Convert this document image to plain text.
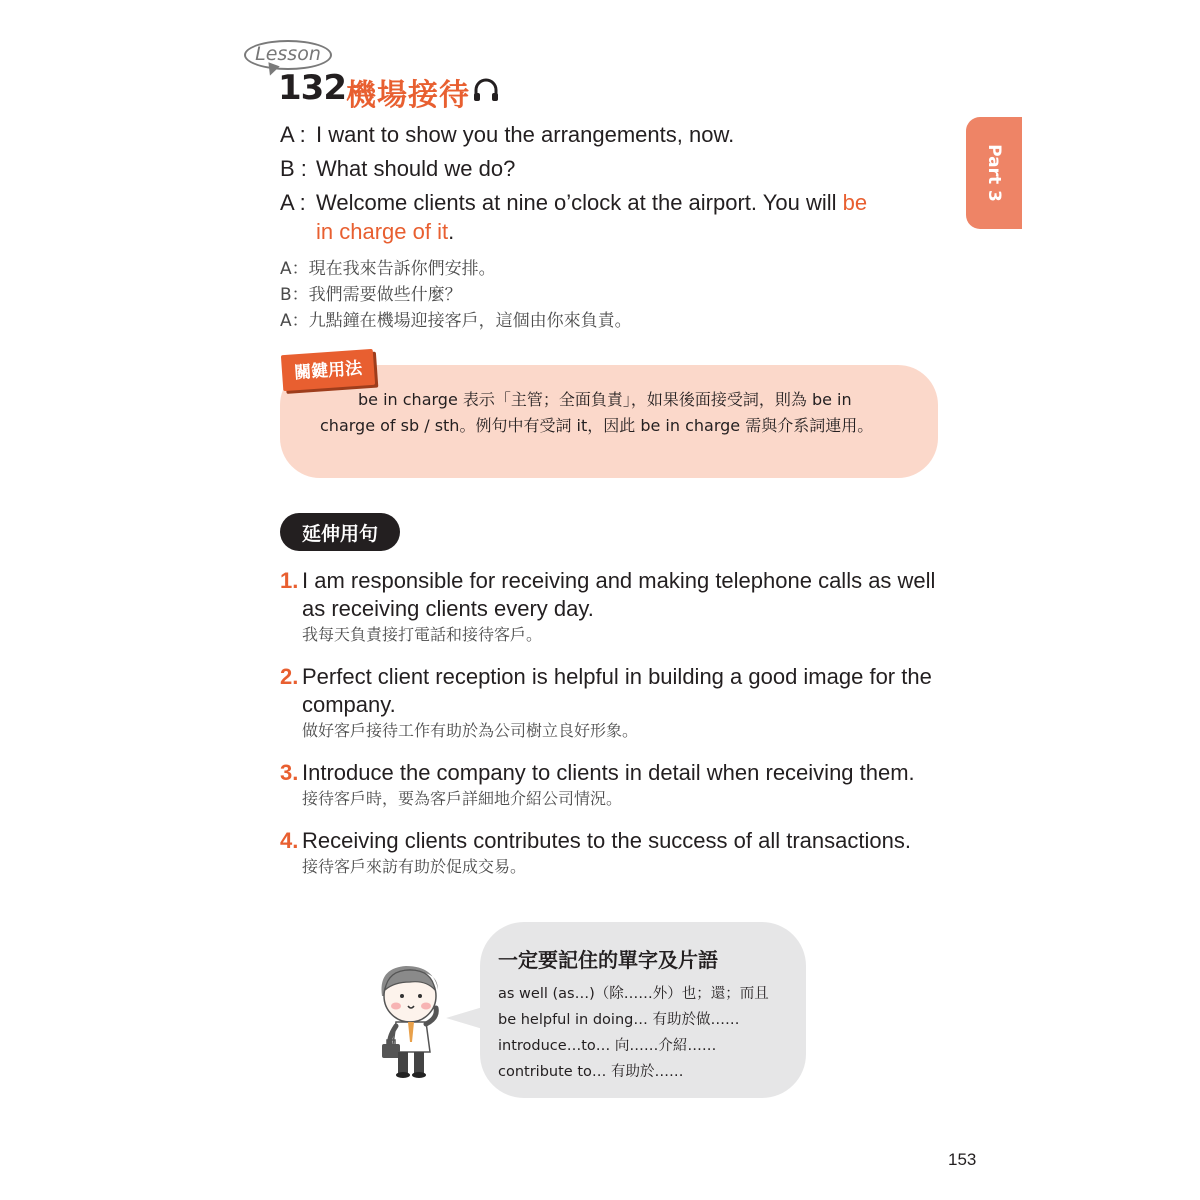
Lesson
132 機場接待
Part 3
A : I want to show you the arrangements, now.
B : What should we do?
A : Welcome clients at nine o’clock at the airport. You will be in charge of it.
A：現在我來告訴你們安排。
B：我們需要做些什麼？
A：九點鐘在機場迎接客戶，這個由你來負責。
關鍵用法
be in charge 表示「主管；全面負責」，如果後面接受詞，則為 be in charge of sb / sth。例句中有受詞 it，因此 be in charge 需與介系詞連用。
延伸用句
1. I am responsible for receiving and making telephone calls as well as receiving clients every day.
我每天負責接打電話和接待客戶。
2. Perfect client reception is helpful in building a good image for the company.
做好客戶接待工作有助於為公司樹立良好形象。
3. Introduce the company to clients in detail when receiving them.
接待客戶時，要為客戶詳細地介紹公司情況。
4. Receiving clients contributes to the success of all transactions.
接待客戶來訪有助於促成交易。
一定要記住的單字及片語
as well (as…)（除……外）也；還；而且
be helpful in doing… 有助於做……
introduce…to… 向……介紹……
contribute to… 有助於……
153
